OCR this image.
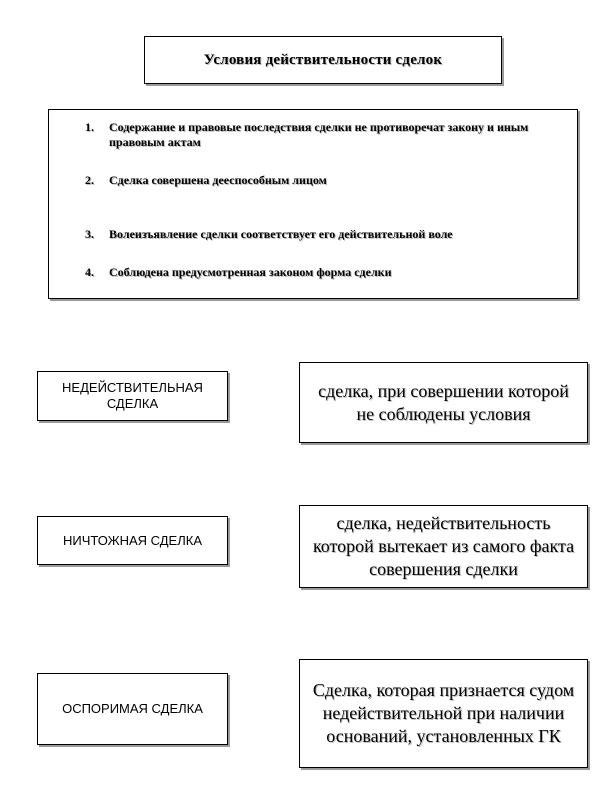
Условия действительности сделок
1. Содержание и правовые последствия сделки не противоречат закону и иным правовым актам
2. Сделка совершена дееспособным лицом
3. Волеизъявление сделки соответствует его действительной воле
4. Соблюдена предусмотренная законом форма сделки
НЕДЕЙСТВИТЕЛЬНАЯ СДЕЛКА
сделка, при совершении которой не соблюдены условия
НИЧТОЖНАЯ СДЕЛКА
сделка, недействительность которой вытекает из самого факта совершения сделки
ОСПОРИМАЯ СДЕЛКА
Сделка, которая признается судом недействительной при наличии оснований, установленных ГК
